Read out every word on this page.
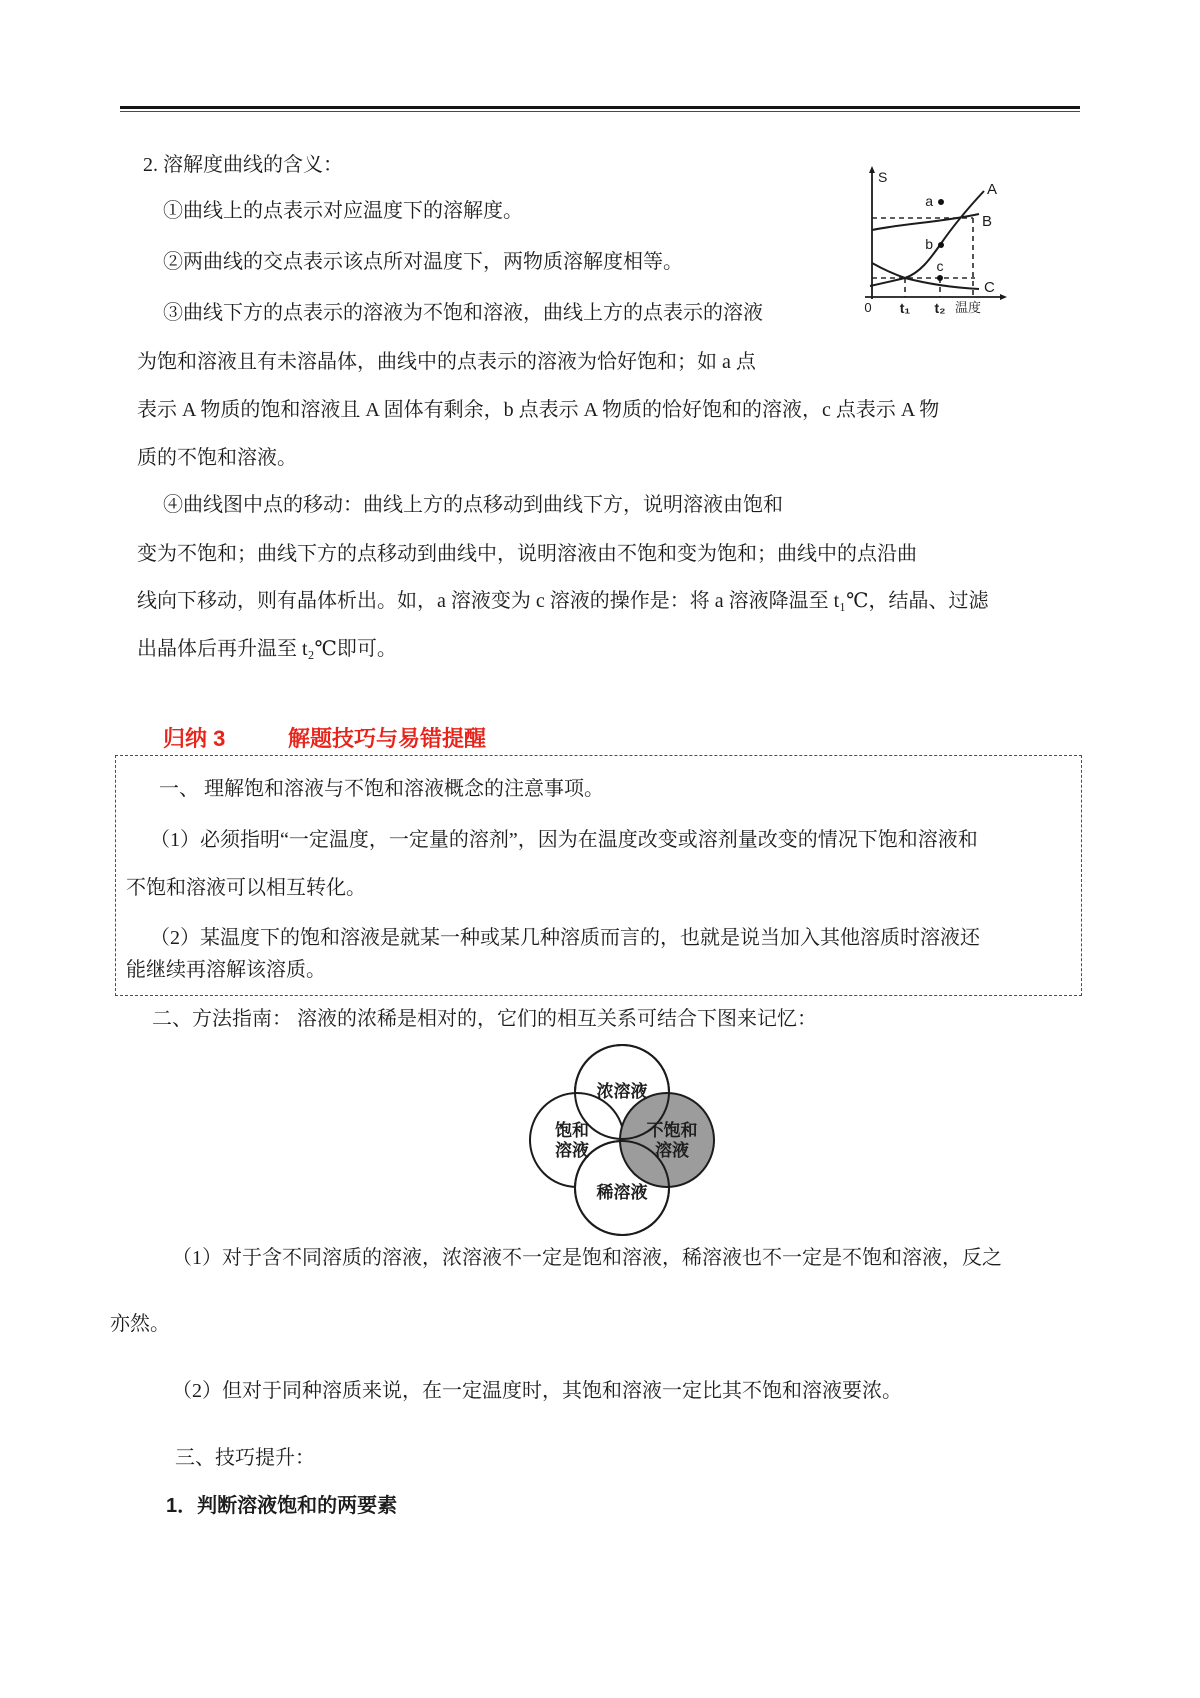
2. 溶解度曲线的含义：
①曲线上的点表示对应温度下的溶解度。
②两曲线的交点表示该点所对温度下，两物质溶解度相等。
③曲线下方的点表示的溶液为不饱和溶液，曲线上方的点表示的溶液
为饱和溶液且有未溶晶体，曲线中的点表示的溶液为恰好饱和；如 a 点
表示 A 物质的饱和溶液且 A 固体有剩余，b 点表示 A 物质的恰好饱和的溶液，c 点表示 A 物
质的不饱和溶液。
④曲线图中点的移动：曲线上方的点移动到曲线下方，说明溶液由饱和
变为不饱和；曲线下方的点移动到曲线中，说明溶液由不饱和变为饱和；曲线中的点沿曲
线向下移动，则有晶体析出。如，a 溶液变为 c 溶液的操作是：将 a 溶液降温至 t₁℃，结晶、过滤
出晶体后再升温至 t₂℃即可。
S
A
B
C
a
b
c
0 t₁ t₂ 温度
归纳 3	解题技巧与易错提醒
一、 理解饱和溶液与不饱和溶液概念的注意事项。
（1）必须指明“一定温度，一定量的溶剂”，因为在温度改变或溶剂量改变的情况下饱和溶液和
不饱和溶液可以相互转化。
（2）某温度下的饱和溶液是就某一种或某几种溶质而言的，也就是说当加入其他溶质时溶液还
能继续再溶解该溶质。
二、方法指南： 溶液的浓稀是相对的，它们的相互关系可结合下图来记忆：
浓溶液
饱和
溶液
不饱和
溶液
稀溶液
（1）对于含不同溶质的溶液，浓溶液不一定是饱和溶液，稀溶液也不一定是不饱和溶液，反之
亦然。
（2）但对于同种溶质来说，在一定温度时，其饱和溶液一定比其不饱和溶液要浓。
三、技巧提升：
1．判断溶液饱和的两要素
